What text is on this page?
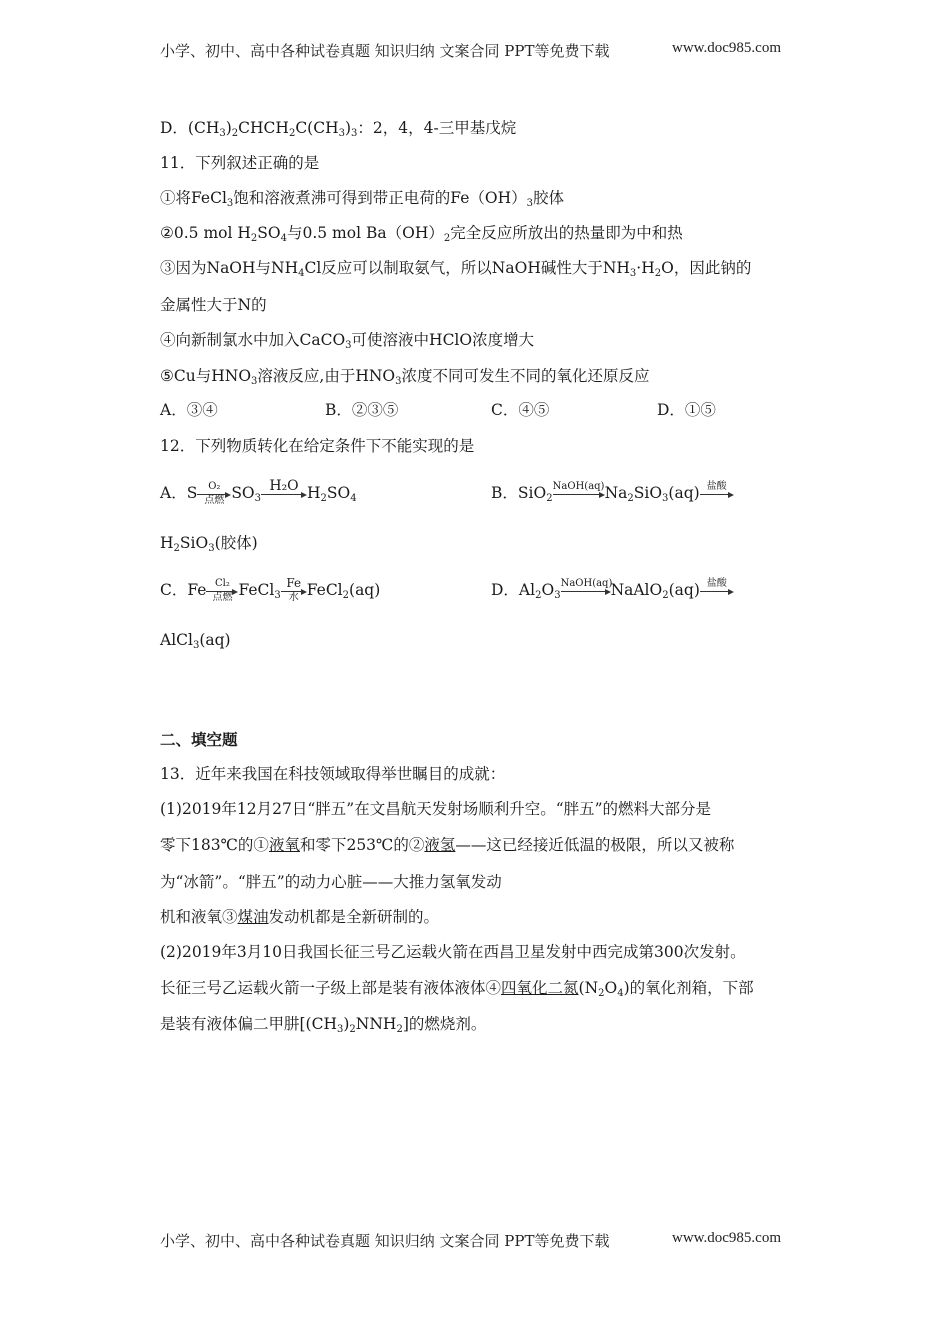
小学、初中、高中各种试卷真题 知识归纳 文案合同 PPT等免费下载	www.doc985.com
D．$(CH_3)_2CHCH_2C(CH_3)_3$：2，4，4-三甲基戊烷
11．下列叙述正确的是
①将FeCl$_3$饱和溶液煮沸可得到带正电荷的$Fe(OH)_3$胶体
②0.5 mol $H_2SO_4$与0.5 mol $Ba(OH)_2$完全反应所放出的热量即为中和热
③因为NaOH与$NH_4Cl$反应可以制取氨气，所以NaOH碱性大于$NH_3\cdot H_2O$，因此钠的
金属性大于N的
④向新制氯水中加入CaCO$_3$可使溶液中HClO浓度增大
⑤Cu与$HNO_3$溶液反应,由于$HNO_3$浓度不同可发生不同的氧化还原反应
A．③④	B．②③⑤	C．④⑤	D．①⑤
12．下列物质转化在给定条件下不能实现的是
A．S	O₂
点燃 $SO_3$
H₂O $H_2SO_4$	B．SiO$_2$
NaOH(aq) $Na_2SiO_3(aq)$ 盐酸
$H_2SiO_3$(胶体)
C．Fe Cl₂
点燃 FeCl$_3$
Fe
水 FeCl$_2$(aq)	D．$Al_2O_3$
NaOH(aq)
NaAlO$_2$(aq) 盐酸
AlCl$_3$(aq)
二、填空题
13．近年来我国在科技领域取得举世瞩目的成就：
(1)2019年12月27日“胖五”在文昌航天发射场顺利升空。“胖五”的燃料大部分是
零下183℃的①液氧和零下253℃的②液氢——这已经接近低温的极限，所以又被称
为“冰箭”。“胖五”的动力心脏——大推力氢氧发动
机和液氧③煤油发动机都是全新研制的。
(2)2019年3月10日我国长征三号乙运载火箭在西昌卫星发射中西完成第300次发射。
长征三号乙运载火箭一子级上部是装有液体液体④四氧化二氮$(N_2O_4)$的氧化剂箱，下部
是装有液体偏二甲肼$[(CH_3)_2NNH_2]$的燃烧剂。
小学、初中、高中各种试卷真题 知识归纳 文案合同 PPT等免费下载	www.doc985.com
